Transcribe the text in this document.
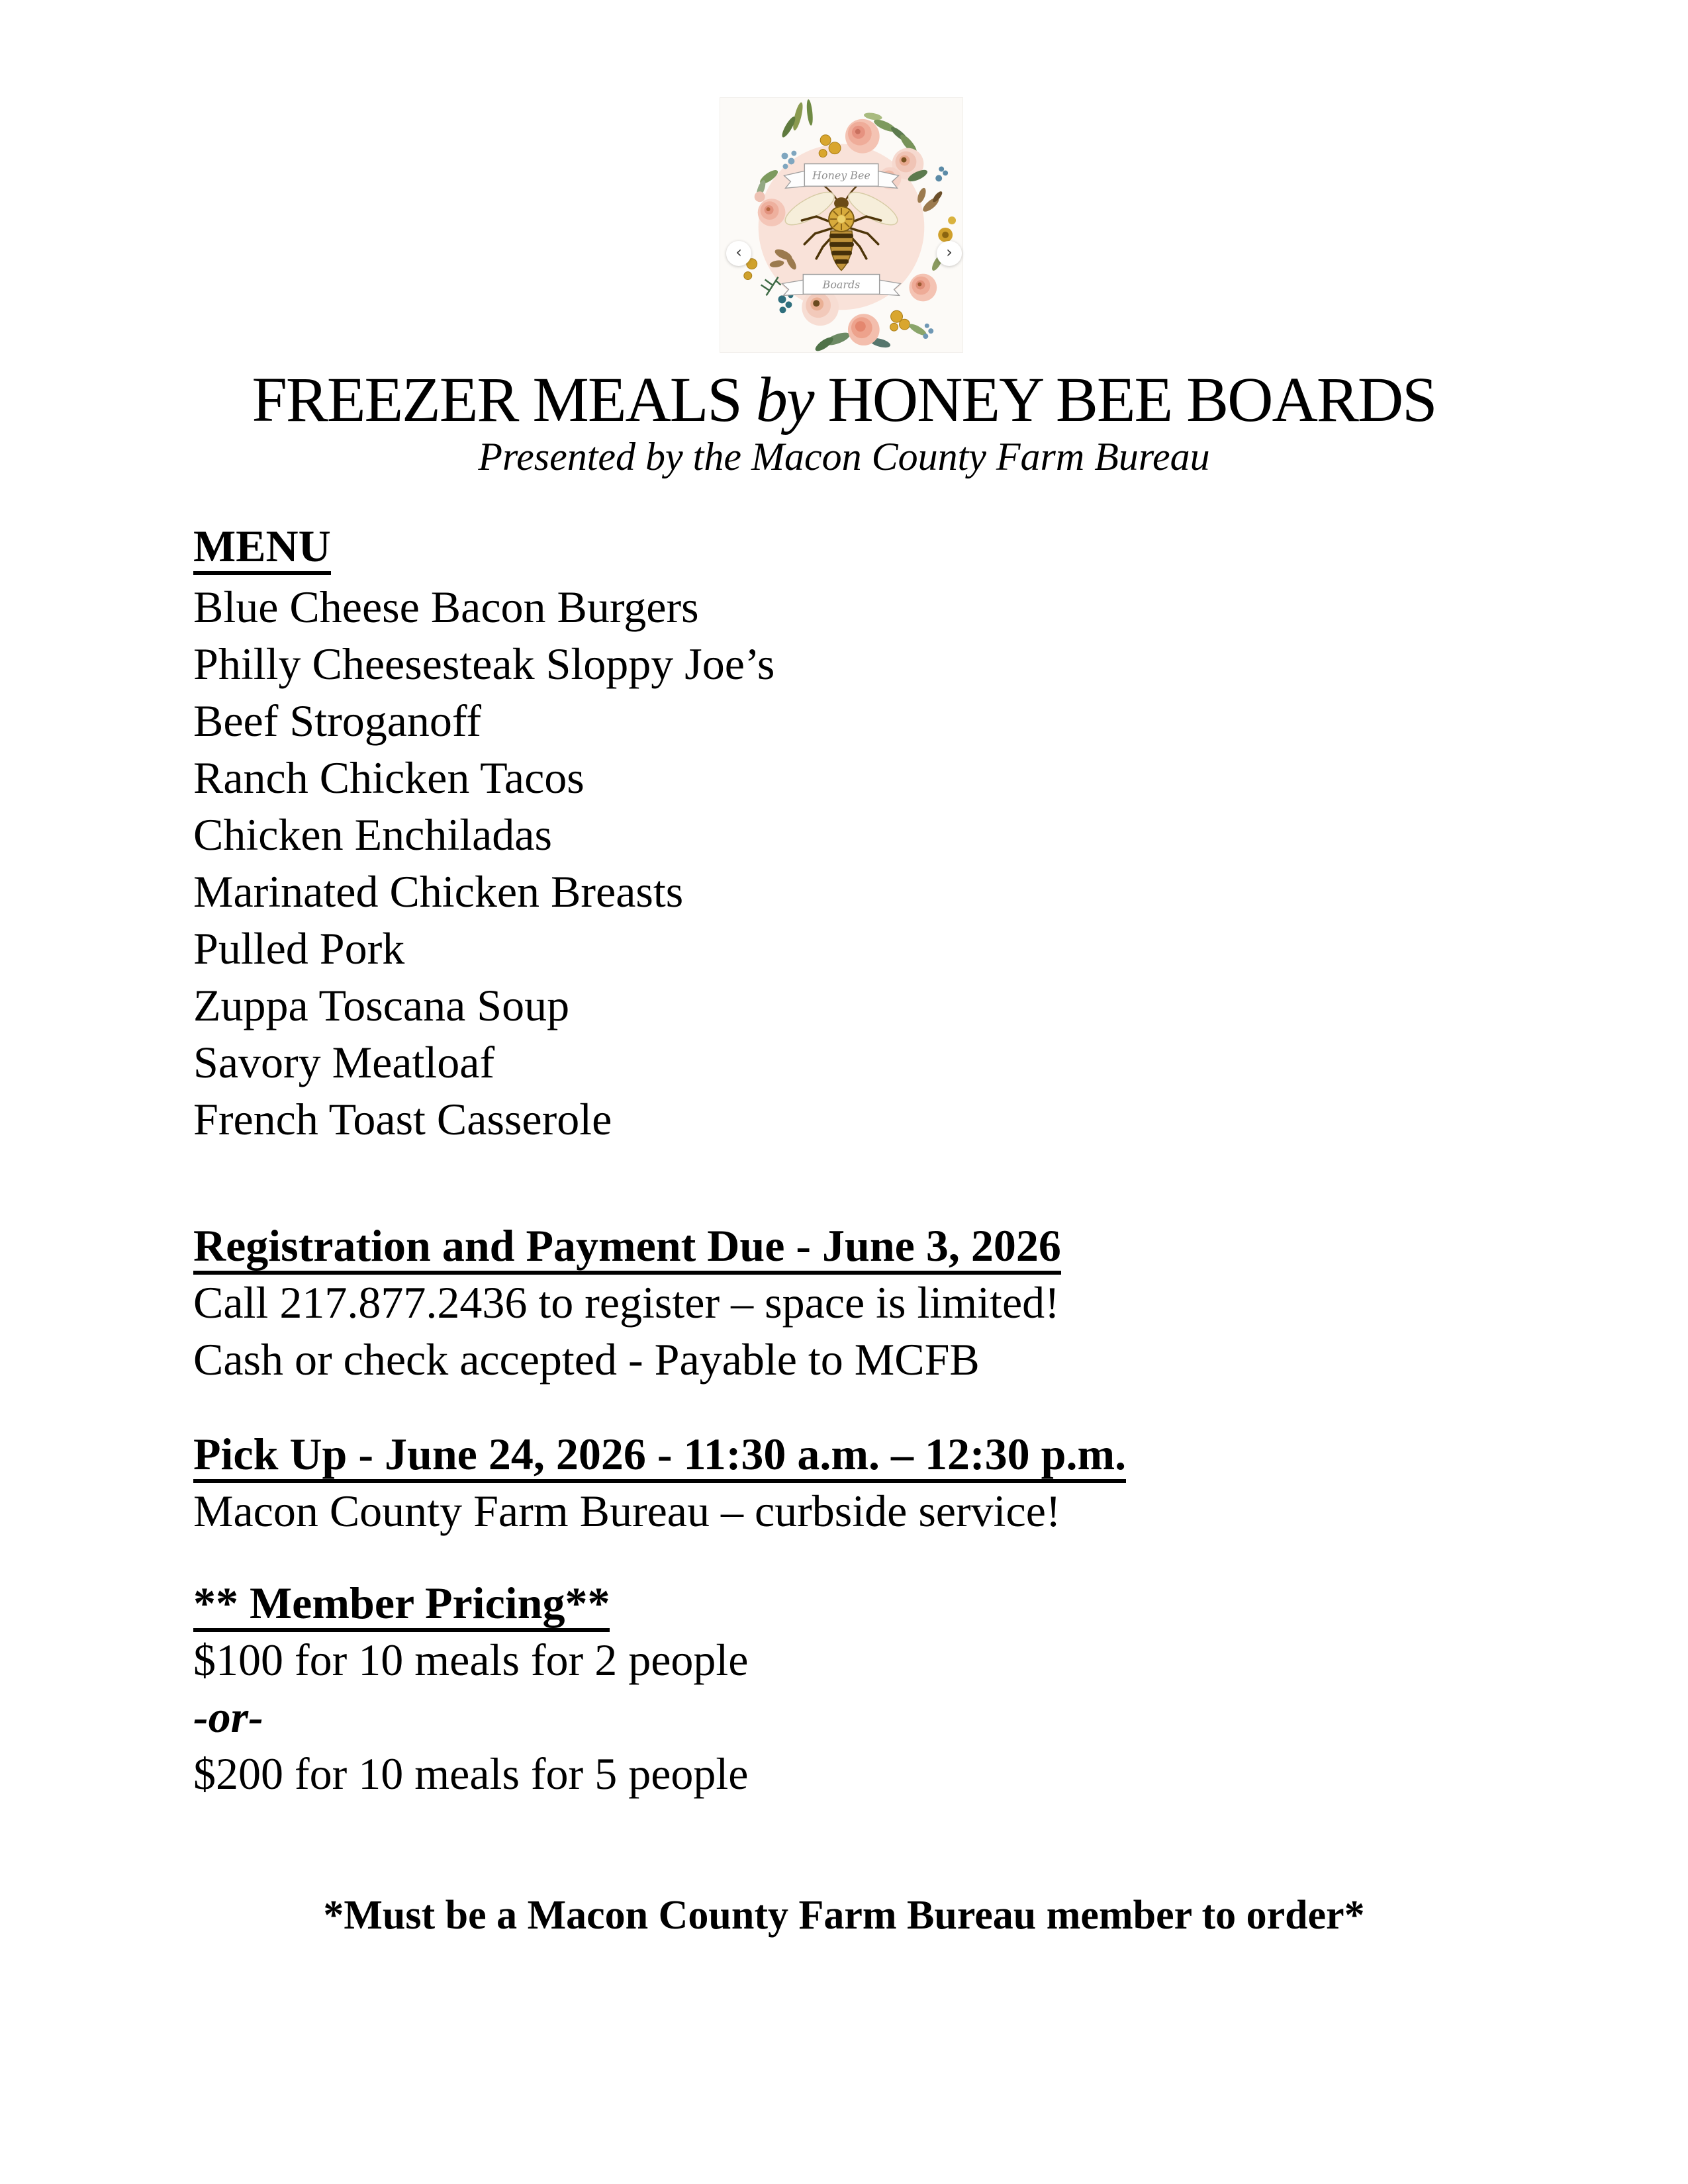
Honey Bee
Boards
‹	›
FREEZER MEALS by HONEY BEE BOARDS
Presented by the Macon County Farm Bureau
MENU
Blue Cheese Bacon Burgers
Philly Cheesesteak Sloppy Joe’s
Beef Stroganoff
Ranch Chicken Tacos
Chicken Enchiladas
Marinated Chicken Breasts
Pulled Pork
Zuppa Toscana Soup
Savory Meatloaf
French Toast Casserole
Registration and Payment Due - June 3, 2026
Call 217.877.2436 to register – space is limited!
Cash or check accepted - Payable to MCFB
Pick Up - June 24, 2026 - 11:30 a.m. – 12:30 p.m.
Macon County Farm Bureau – curbside service!
** Member Pricing**
$100 for 10 meals for 2 people
-or-
$200 for 10 meals for 5 people
*Must be a Macon County Farm Bureau member to order*
